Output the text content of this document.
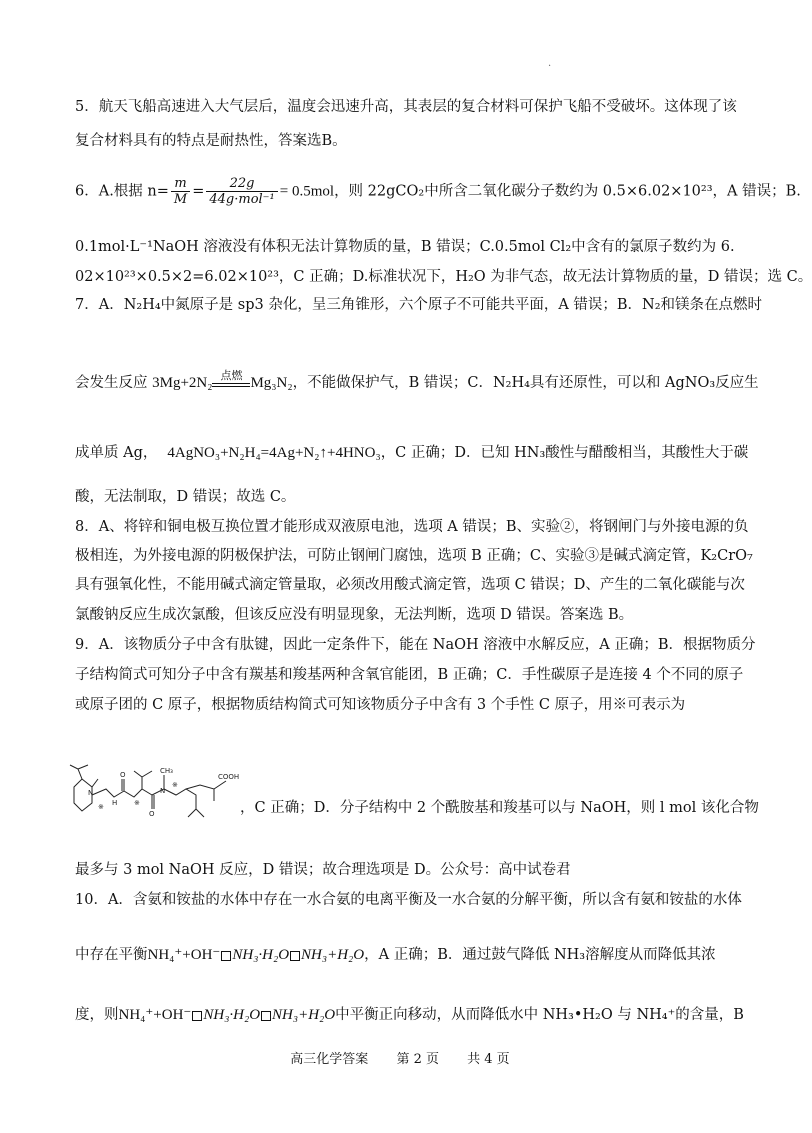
.
5．航天飞船高速进入大气层后，温度会迅速升高，其表层的复合材料可保护飞船不受破坏。这体现了该
复合材料具有的特点是耐热性，答案选B。
6．A.根据 $n= \frac{m}{M} = \frac{22g}{\text{44g·mol⁻¹}} = 0.5mol$，则 22gCO₂中所含二氧化碳分子数约为 0.5×6.02×10²³，A 错误；B.
0.1mol·L⁻¹NaOH 溶液没有体积无法计算物质的量，B 错误；C.0.5mol Cl₂中含有的氯原子数约为 6.
02×10²³×0.5×2=6.02×10²³，C 正确；D.标准状况下，H₂O 为非气态，故无法计算物质的量，D 错误；选 C。
7．A．N₂H₄中氮原子是 sp3 杂化，呈三角锥形，六个原子不可能共平面，A 错误；B．N₂和镁条在点燃时
会发生反应 3Mg+2N₂ 点燃 Mg₃N₂，不能做保护气，B 错误；C．N₂H₄具有还原性，可以和 AgNO₃反应生
成单质 Ag， 4AgNO₃+N₂H₄=4Ag+N₂↑+4HNO₃，C 正确；D．已知 HN₃酸性与醋酸相当，其酸性大于碳
酸，无法制取，D 错误；故选 C。
8．A、将锌和铜电极互换位置才能形成双液原电池，选项 A 错误；B、实验②，将钢闸门与外接电源的负
极相连，为外接电源的阴极保护法，可防止钢闸门腐蚀，选项 B 正确；C、实验③是碱式滴定管，K₂CrO₇
具有强氧化性，不能用碱式滴定管量取，必须改用酸式滴定管，选项 C 错误；D、产生的二氧化碳能与次
氯酸钠反应生成次氯酸，但该反应没有明显现象，无法判断，选项 D 错误。答案选 B。
9．A．该物质分子中含有肽键，因此一定条件下，能在 NaOH 溶液中水解反应，A 正确；B．根据物质分
子结构简式可知分子中含有羰基和羧基两种含氧官能团，B 正确；C．手性碳原子是连接 4 个不同的原子
或原子团的 C 原子，根据物质结构简式可知该物质分子中含有 3 个手性 C 原子，用※可表示为
O
O
N	N
H
CH₃
COOH
※	※
※
，C 正确；D．分子结构中 2 个酰胺基和羧基可以与 NaOH，则 l mol 该化合物
最多与 3 mol NaOH 反应，D 错误；故合理选项是 D。公众号：高中试卷君
10．A．含氨和铵盐的水体中存在一水合氨的电离平衡及一水合氨的分解平衡，所以含有氨和铵盐的水体
中存在平衡NH₄⁺+OH⁻ NH₃·H₂O NH₃+H₂O，A 正确；B．通过鼓气降低 NH₃溶解度从而降低其浓
度，则NH₄⁺+OH⁻ NH₃·H₂O NH₃+H₂O中平衡正向移动，从而降低水中 NH₃•H₂O 与 NH₄⁺的含量，B
高三化学答案 第 2 页 共 4 页
